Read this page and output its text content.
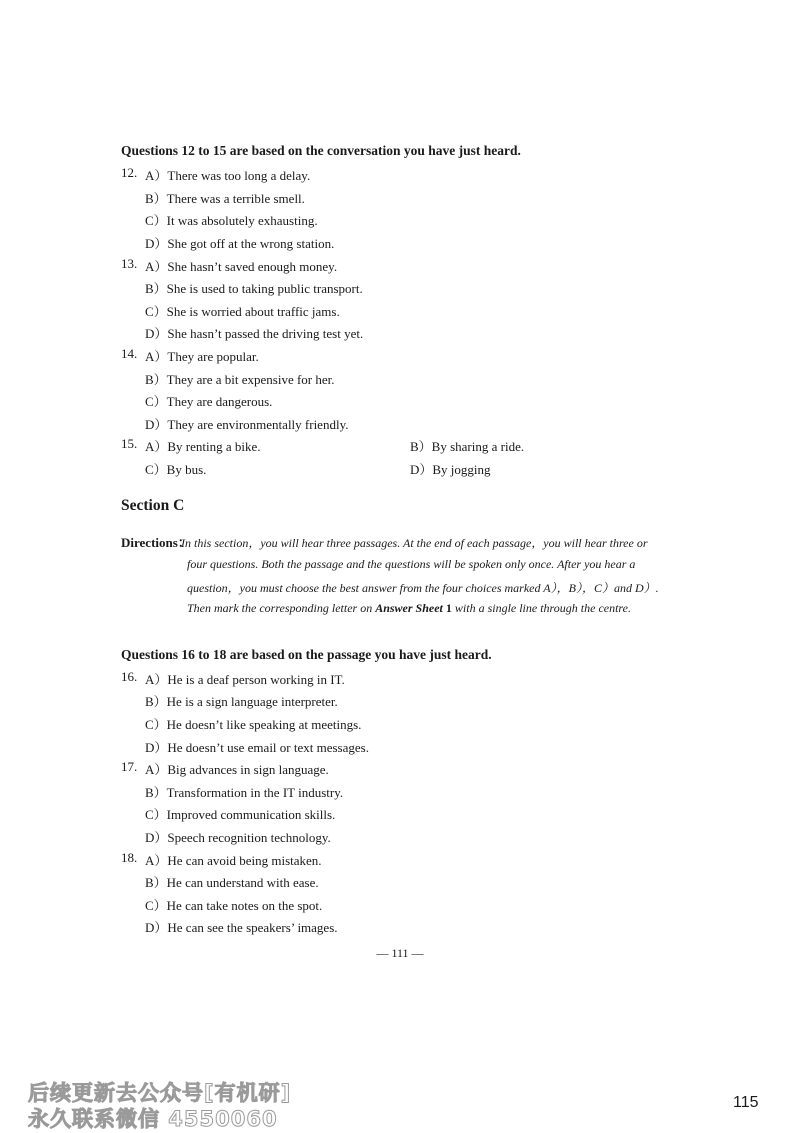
Questions 12 to 15 are based on the conversation you have just heard.
12. A）There was too long a delay.
B）There was a terrible smell.
C）It was absolutely exhausting.
D）She got off at the wrong station.
13. A）She hasn’t saved enough money.
B）She is used to taking public transport.
C）She is worried about traffic jams.
D）She hasn’t passed the driving test yet.
14. A）They are popular.
B）They are a bit expensive for her.
C）They are dangerous.
D）They are environmentally friendly.
15. A）By renting a bike.	B）By sharing a ride.
C）By bus.	D）By jogging
Section C
Directions：
In this section，you will hear three passages. At the end of each passage，you will hear three or
four questions. Both the passage and the questions will be spoken only once. After you hear a
question，you must choose the best answer from the four choices marked A），B），C）and D）.
Then mark the corresponding letter on Answer Sheet 1 with a single line through the centre.
Questions 16 to 18 are based on the passage you have just heard.
16. A）He is a deaf person working in IT.
B）He is a sign language interpreter.
C）He doesn’t like speaking at meetings.
D）He doesn’t use email or text messages.
17. A）Big advances in sign language.
B）Transformation in the IT industry.
C）Improved communication skills.
D）Speech recognition technology.
18. A）He can avoid being mistaken.
B）He can understand with ease.
C）He can take notes on the spot.
D）He can see the speakers’ images.
— 111 —
115
后续更新去公众号[有机研]
永久联系微信 4550060
